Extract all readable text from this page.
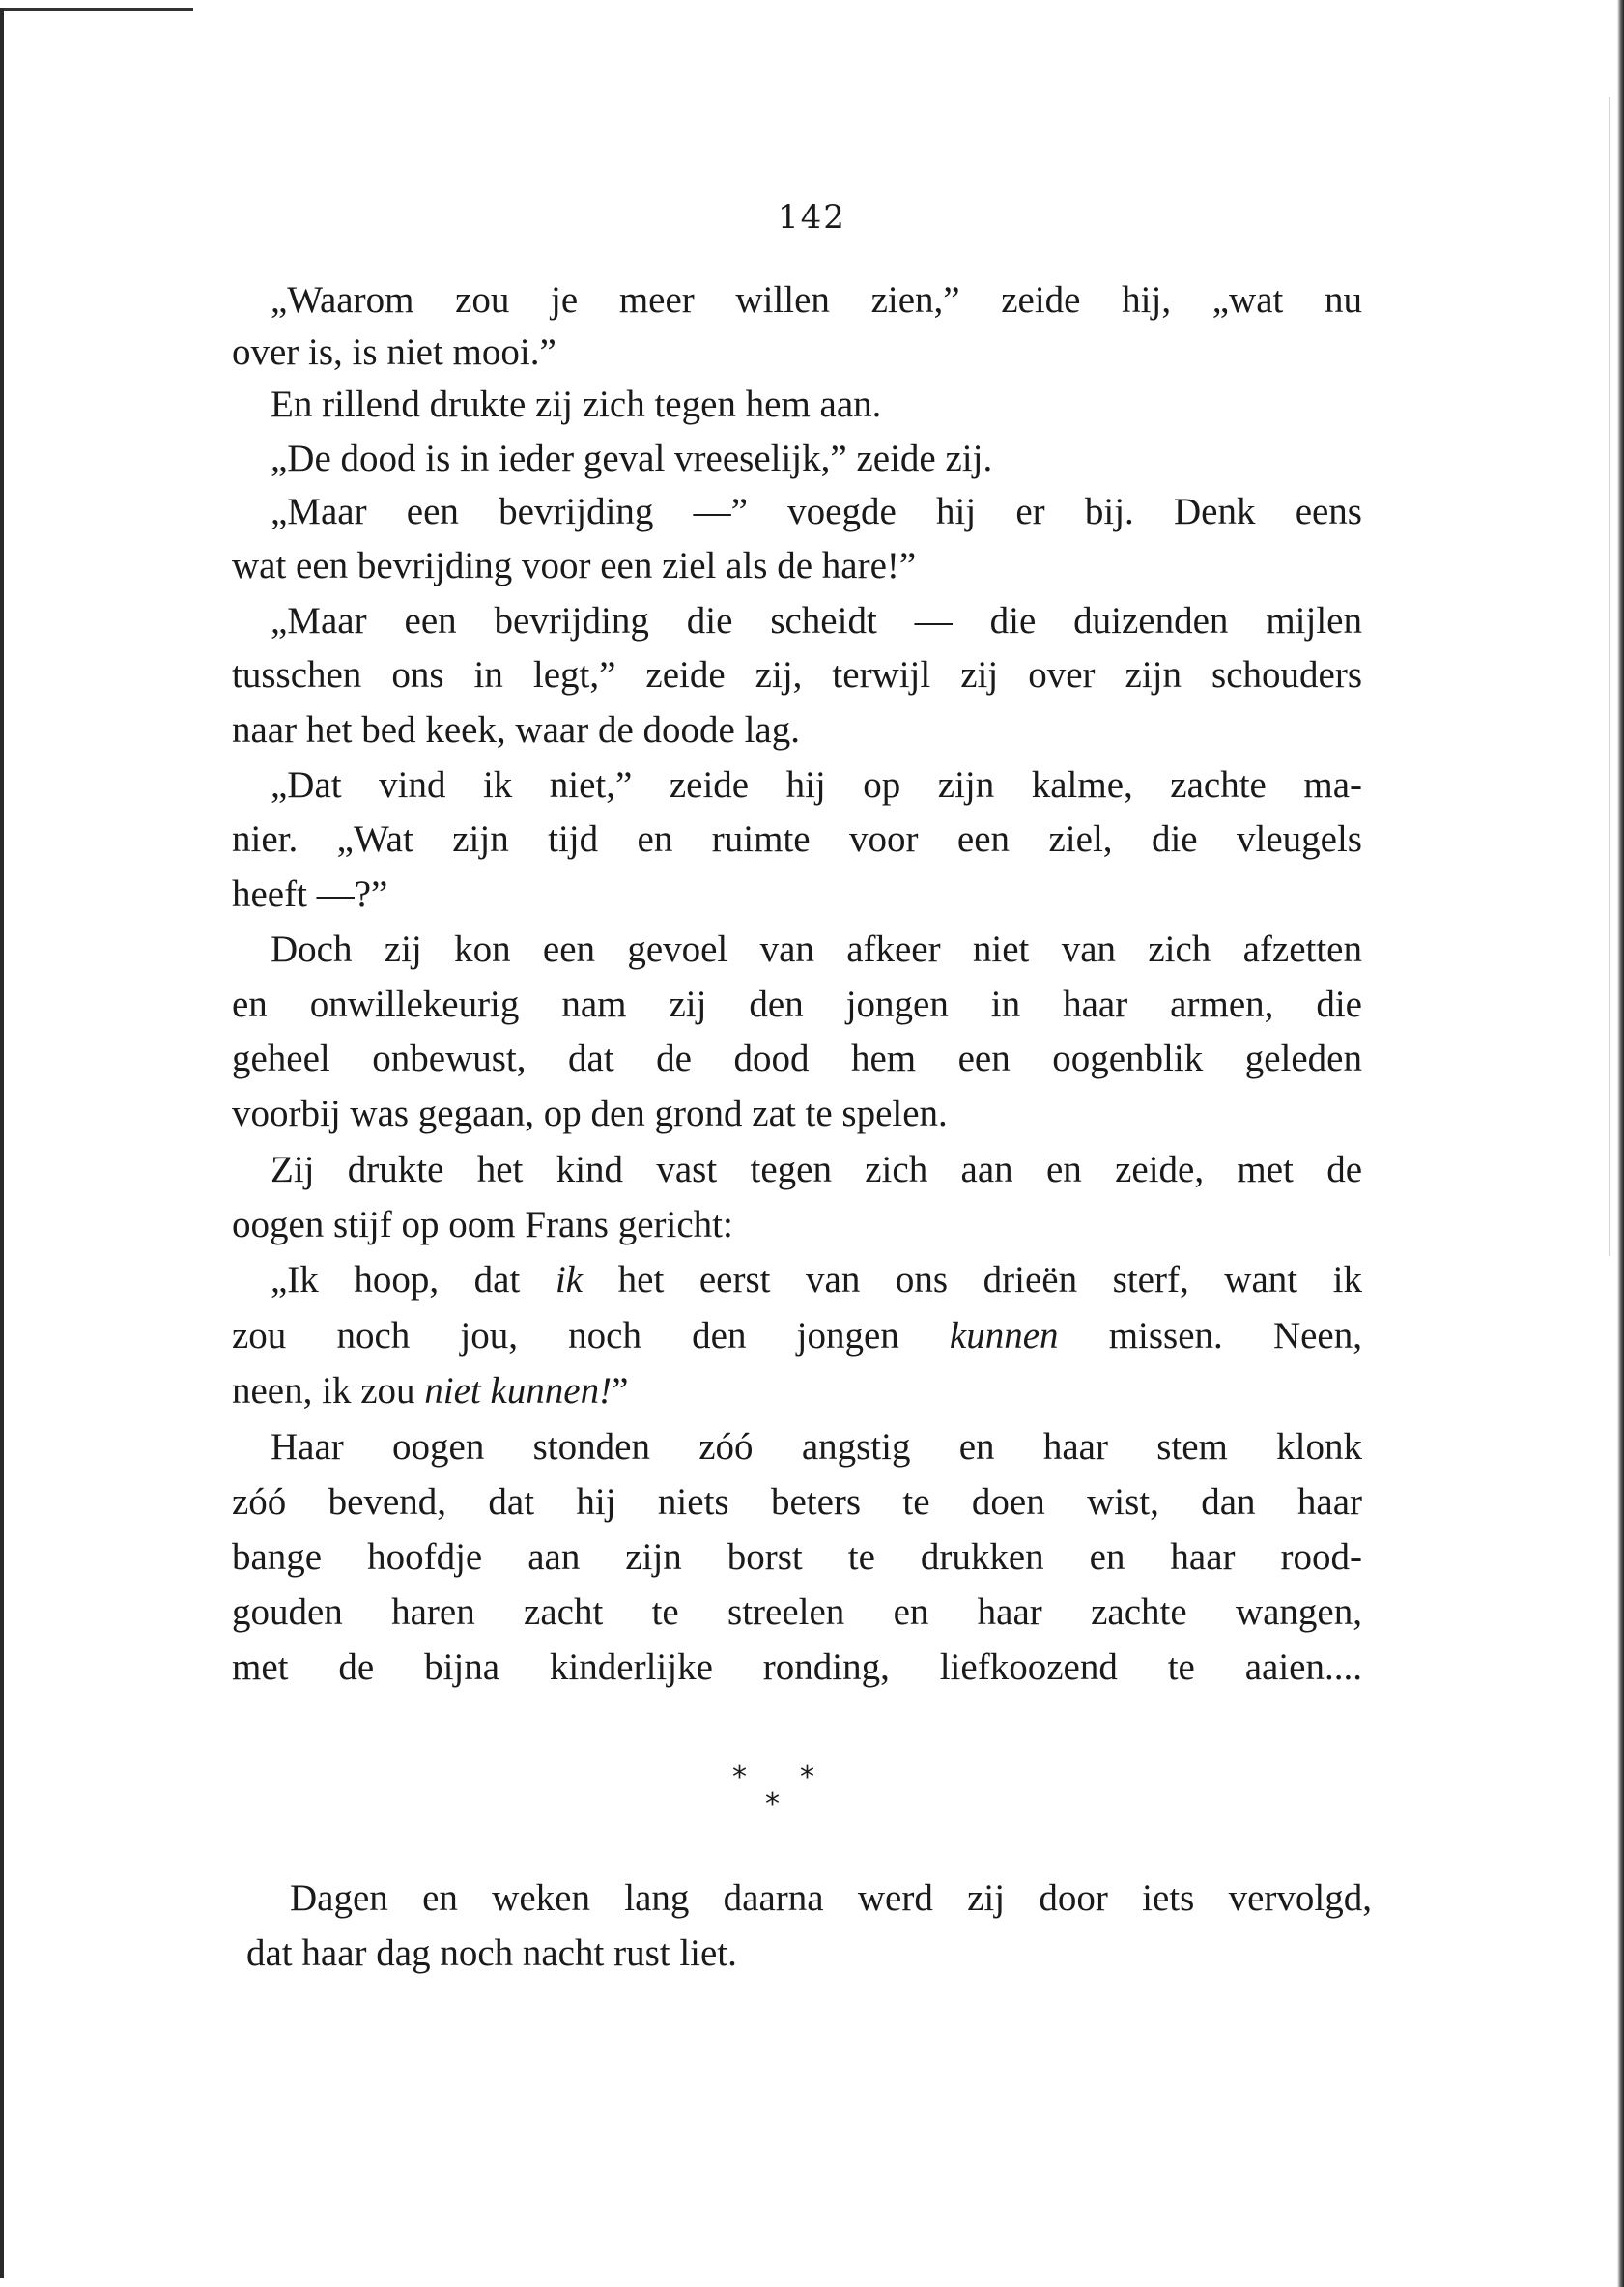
142
„Waarom zou je meer willen zien,” zeide hij, „wat nu
over is, is niet mooi.”
En rillend drukte zij zich tegen hem aan.
„De dood is in ieder geval vreeselijk,” zeide zij.
„Maar een bevrijding —” voegde hij er bij. Denk eens
wat een bevrijding voor een ziel als de hare!”
„Maar een bevrijding die scheidt — die duizenden mijlen
tusschen ons in legt,” zeide zij, terwijl zij over zijn schouders
naar het bed keek, waar de doode lag.
„Dat vind ik niet,” zeide hij op zijn kalme, zachte ma-
nier. „Wat zijn tijd en ruimte voor een ziel, die vleugels
heeft —?”
Doch zij kon een gevoel van afkeer niet van zich afzetten
en onwillekeurig nam zij den jongen in haar armen, die
geheel onbewust, dat de dood hem een oogenblik geleden
voorbij was gegaan, op den grond zat te spelen.
Zij drukte het kind vast tegen zich aan en zeide, met de
oogen stijf op oom Frans gericht:
„Ik hoop, dat ik het eerst van ons drieën sterf, want ik
zou noch jou, noch den jongen kunnen missen. Neen,
neen, ik zou niet kunnen!”
Haar oogen stonden zóó angstig en haar stem klonk
zóó bevend, dat hij niets beters te doen wist, dan haar
bange hoofdje aan zijn borst te drukken en haar rood-
gouden haren zacht te streelen en haar zachte wangen,
met de bijna kinderlijke ronding, liefkoozend te aaien....
* *
*
Dagen en weken lang daarna werd zij door iets vervolgd,
dat haar dag noch nacht rust liet.
